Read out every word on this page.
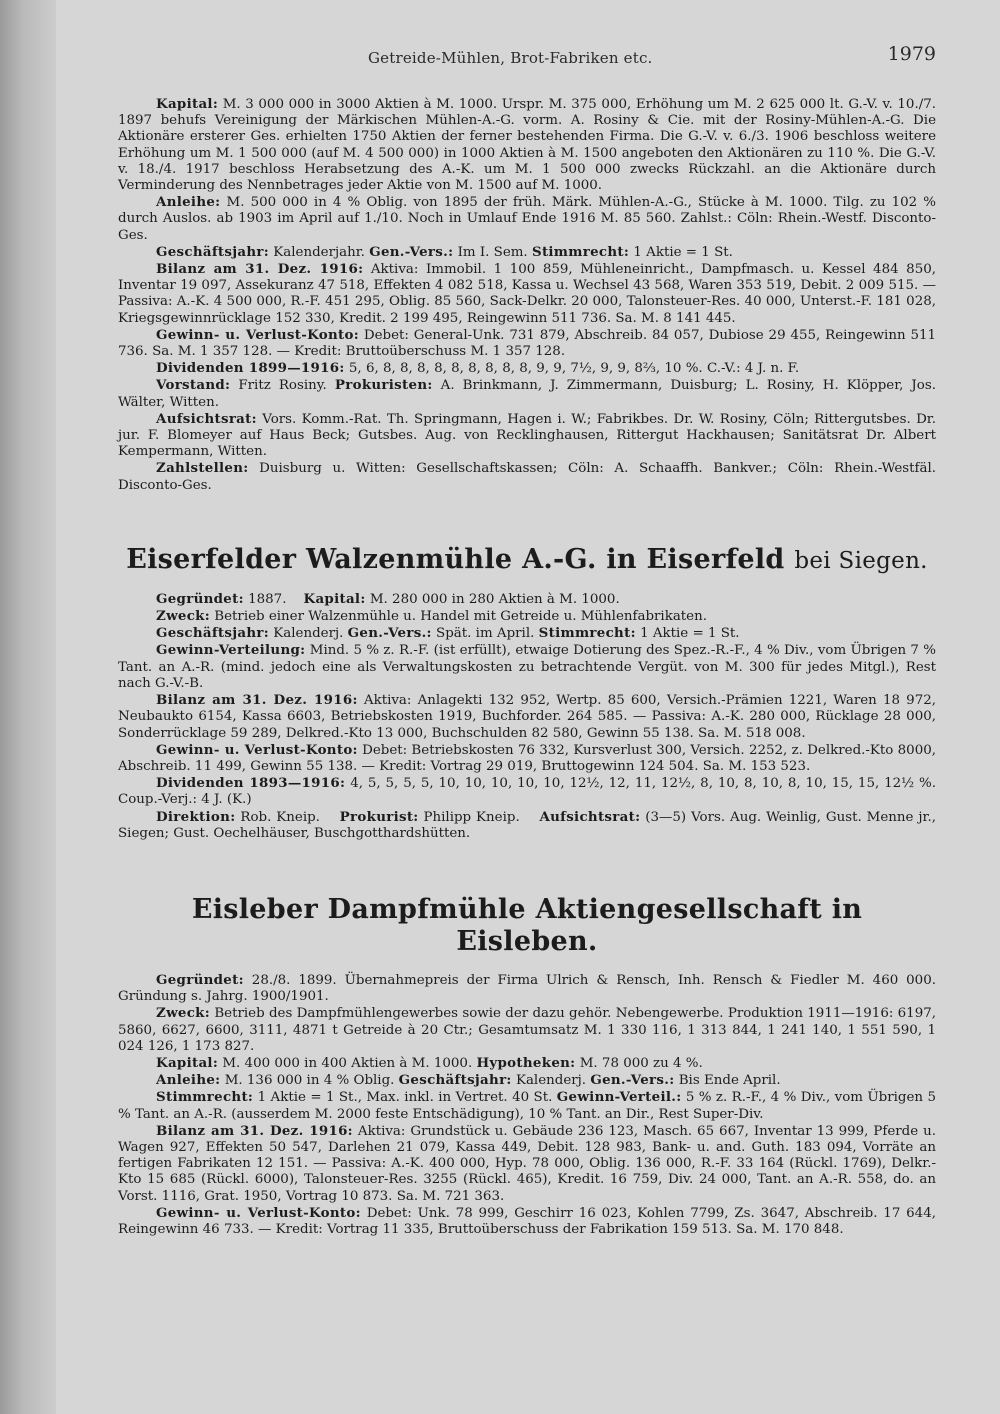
Getreide-Mühlen, Brot-Fabriken etc.	1979

Kapital: M. 3 000 000 in 3000 Aktien à M. 1000. Urspr. M. 375 000, Erhöhung um M. 2 625 000 lt. G.-V. v. 10./7. 1897 behufs Vereinigung der Märkischen Mühlen-A.-G. vorm. A. Rosiny & Cie. mit der Rosiny-Mühlen-A.-G. Die Aktionäre ersterer Ges. erhielten 1750 Aktien der ferner bestehenden Firma. Die G.-V. v. 6./3. 1906 beschloss weitere Erhöhung um M. 1 500 000 (auf M. 4 500 000) in 1000 Aktien à M. 1500 angeboten den Aktionären zu 110 %. Die G.-V. v. 18./4. 1917 beschloss Herabsetzung des A.-K. um M. 1 500 000 zwecks Rückzahl. an die Aktionäre durch Verminderung des Nennbetrages jeder Aktie von M. 1500 auf M. 1000.

Anleihe: M. 500 000 in 4 % Oblig. von 1895 der früh. Märk. Mühlen-A.-G., Stücke à M. 1000. Tilg. zu 102 % durch Auslos. ab 1903 im April auf 1./10. Noch in Umlauf Ende 1916 M. 85 560. Zahlst.: Cöln: Rhein.-Westf. Disconto-Ges.

Geschäftsjahr: Kalenderjahr. Gen.-Vers.: Im I. Sem. Stimmrecht: 1 Aktie = 1 St.

Bilanz am 31. Dez. 1916: Aktiva: Immobil. 1 100 859, Mühleneinricht., Dampfmasch. u. Kessel 484 850, Inventar 19 097, Assekuranz 47 518, Effekten 4 082 518, Kassa u. Wechsel 43 568, Waren 353 519, Debit. 2 009 515. — Passiva: A.-K. 4 500 000, R.-F. 451 295, Oblig. 85 560, Sack-Delkr. 20 000, Talonsteuer-Res. 40 000, Unterst.-F. 181 028, Kriegsgewinnrücklage 152 330, Kredit. 2 199 495, Reingewinn 511 736. Sa. M. 8 141 445.

Gewinn- u. Verlust-Konto: Debet: General-Unk. 731 879, Abschreib. 84 057, Dubiose 29 455, Reingewinn 511 736. Sa. M. 1 357 128. — Kredit: Bruttoüberschuss M. 1 357 128.

Dividenden 1899—1916: 5, 6, 8, 8, 8, 8, 8, 8, 8, 8, 8, 9, 9, 7½, 9, 9, 8⅔, 10 %. C.-V.: 4 J. n. F.

Vorstand: Fritz Rosiny. Prokuristen: A. Brinkmann, J. Zimmermann, Duisburg; L. Rosiny, H. Klöpper, Jos. Wälter, Witten.

Aufsichtsrat: Vors. Komm.-Rat. Th. Springmann, Hagen i. W.; Fabrikbes. Dr. W. Rosiny, Cöln; Rittergutsbes. Dr. jur. F. Blomeyer auf Haus Beck; Gutsbes. Aug. von Recklinghausen, Rittergut Hackhausen; Sanitätsrat Dr. Albert Kempermann, Witten.

Zahlstellen: Duisburg u. Witten: Gesellschaftskassen; Cöln: A. Schaaffh. Bankver.; Cöln: Rhein.-Westfäl. Disconto-Ges.

Eiserfelder Walzenmühle A.-G. in Eiserfeld bei Siegen.

Gegründet: 1887. Kapital: M. 280 000 in 280 Aktien à M. 1000.

Zweck: Betrieb einer Walzenmühle u. Handel mit Getreide u. Mühlenfabrikaten.

Geschäftsjahr: Kalenderj. Gen.-Vers.: Spät. im April. Stimmrecht: 1 Aktie = 1 St.

Gewinn-Verteilung: Mind. 5 % z. R.-F. (ist erfüllt), etwaige Dotierung des Spez.-R.-F., 4 % Div., vom Übrigen 7 % Tant. an A.-R. (mind. jedoch eine als Verwaltungskosten zu betrachtende Vergüt. von M. 300 für jedes Mitgl.), Rest nach G.-V.-B.

Bilanz am 31. Dez. 1916: Aktiva: Anlagekti 132 952, Wertp. 85 600, Versich.-Prämien 1221, Waren 18 972, Neubaukto 6154, Kassa 6603, Betriebskosten 1919, Buchforder. 264 585. — Passiva: A.-K. 280 000, Rücklage 28 000, Sonderrücklage 59 289, Delkred.-Kto 13 000, Buchschulden 82 580, Gewinn 55 138. Sa. M. 518 008.

Gewinn- u. Verlust-Konto: Debet: Betriebskosten 76 332, Kursverlust 300, Versich. 2252, z. Delkred.-Kto 8000, Abschreib. 11 499, Gewinn 55 138. — Kredit: Vortrag 29 019, Bruttogewinn 124 504. Sa. M. 153 523.

Dividenden 1893—1916: 4, 5, 5, 5, 5, 10, 10, 10, 10, 10, 12½, 12, 11, 12½, 8, 10, 8, 10, 8, 10, 15, 15, 12½ %. Coup.-Verj.: 4 J. (K.)

Direktion: Rob. Kneip. Prokurist: Philipp Kneip. Aufsichtsrat: (3—5) Vors. Aug. Weinlig, Gust. Menne jr., Siegen; Gust. Oechelhäuser, Buschgotthardshütten.

Eisleber Dampfmühle Aktiengesellschaft in Eisleben.

Gegründet: 28./8. 1899. Übernahmepreis der Firma Ulrich & Rensch, Inh. Rensch & Fiedler M. 460 000. Gründung s. Jahrg. 1900/1901.

Zweck: Betrieb des Dampfmühlengewerbes sowie der dazu gehör. Nebengewerbe. Produktion 1911—1916: 6197, 5860, 6627, 6600, 3111, 4871 t Getreide à 20 Ctr.; Gesamtumsatz M. 1 330 116, 1 313 844, 1 241 140, 1 551 590, 1 024 126, 1 173 827.

Kapital: M. 400 000 in 400 Aktien à M. 1000. Hypotheken: M. 78 000 zu 4 %.

Anleihe: M. 136 000 in 4 % Oblig. Geschäftsjahr: Kalenderj. Gen.-Vers.: Bis Ende April.

Stimmrecht: 1 Aktie = 1 St., Max. inkl. in Vertret. 40 St. Gewinn-Verteil.: 5 % z. R.-F., 4 % Div., vom Übrigen 5 % Tant. an A.-R. (ausserdem M. 2000 feste Entschädigung), 10 % Tant. an Dir., Rest Super-Div.

Bilanz am 31. Dez. 1916: Aktiva: Grundstück u. Gebäude 236 123, Masch. 65 667, Inventar 13 999, Pferde u. Wagen 927, Effekten 50 547, Darlehen 21 079, Kassa 449, Debit. 128 983, Bank- u. and. Guth. 183 094, Vorräte an fertigen Fabrikaten 12 151. — Passiva: A.-K. 400 000, Hyp. 78 000, Oblig. 136 000, R.-F. 33 164 (Rückl. 1769), Delkr.-Kto 15 685 (Rückl. 6000), Talonsteuer-Res. 3255 (Rückl. 465), Kredit. 16 759, Div. 24 000, Tant. an A.-R. 558, do. an Vorst. 1116, Grat. 1950, Vortrag 10 873. Sa. M. 721 363.

Gewinn- u. Verlust-Konto: Debet: Unk. 78 999, Geschirr 16 023, Kohlen 7799, Zs. 3647, Abschreib. 17 644, Reingewinn 46 733. — Kredit: Vortrag 11 335, Bruttoüberschuss der Fabrikation 159 513. Sa. M. 170 848.
